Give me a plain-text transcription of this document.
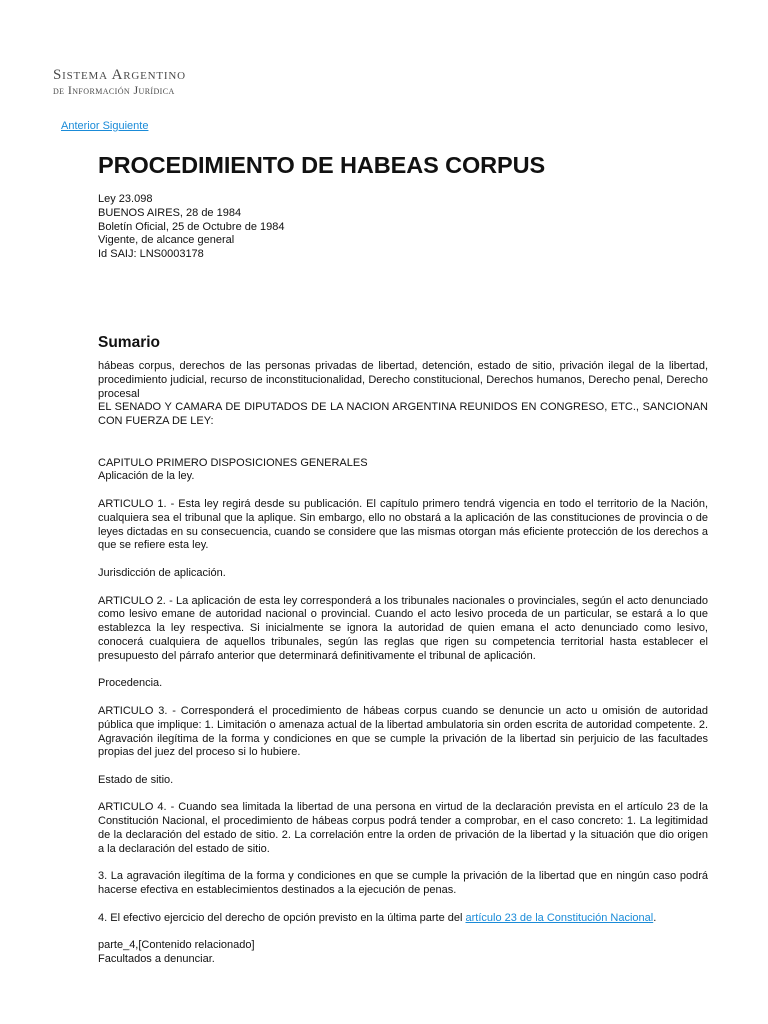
Sistema Argentino
de Información Jurídica
Anterior Siguiente
PROCEDIMIENTO DE HABEAS CORPUS
Ley 23.098
BUENOS AIRES, 28 de 1984
Boletín Oficial, 25 de Octubre de 1984
Vigente, de alcance general
Id SAIJ: LNS0003178
Sumario

hábeas corpus, derechos de las personas privadas de libertad, detención, estado de sitio, privación ilegal de la libertad, procedimiento judicial, recurso de inconstitucionalidad, Derecho constitucional, Derechos humanos, Derecho penal, Derecho procesal

EL SENADO Y CAMARA DE DIPUTADOS DE LA NACION ARGENTINA REUNIDOS EN CONGRESO, ETC., SANCIONAN CON FUERZA DE LEY:

CAPITULO PRIMERO DISPOSICIONES GENERALES

Aplicación de la ley.

ARTICULO 1. - Esta ley regirá desde su publicación. El capítulo primero tendrá vigencia en todo el territorio de la Nación, cualquiera sea el tribunal que la aplique. Sin embargo, ello no obstará a la aplicación de las constituciones de provincia o de leyes dictadas en su consecuencia, cuando se considere que las mismas otorgan más eficiente protección de los derechos a que se refiere esta ley.

Jurisdicción de aplicación.

ARTICULO 2. - La aplicación de esta ley corresponderá a los tribunales nacionales o provinciales, según el acto denunciado como lesivo emane de autoridad nacional o provincial. Cuando el acto lesivo proceda de un particular, se estará a lo que establezca la ley respectiva. Si inicialmente se ignora la autoridad de quien emana el acto denunciado como lesivo, conocerá cualquiera de aquellos tribunales, según las reglas que rigen su competencia territorial hasta establecer el presupuesto del párrafo anterior que determinará definitivamente el tribunal de aplicación.

Procedencia.

ARTICULO 3. - Corresponderá el procedimiento de hábeas corpus cuando se denuncie un acto u omisión de autoridad pública que implique: 1. Limitación o amenaza actual de la libertad ambulatoria sin orden escrita de autoridad competente. 2. Agravación ilegítima de la forma y condiciones en que se cumple la privación de la libertad sin perjuicio de las facultades propias del juez del proceso si lo hubiere.

Estado de sitio.

ARTICULO 4. - Cuando sea limitada la libertad de una persona en virtud de la declaración prevista en el artículo 23 de la Constitución Nacional, el procedimiento de hábeas corpus podrá tender a comprobar, en el caso concreto: 1. La legitimidad de la declaración del estado de sitio. 2. La correlación entre la orden de privación de la libertad y la situación que dio origen a la declaración del estado de sitio.

3. La agravación ilegítima de la forma y condiciones en que se cumple la privación de la libertad que en ningún caso podrá hacerse efectiva en establecimientos destinados a la ejecución de penas.

4. El efectivo ejercicio del derecho de opción previsto en la última parte del artículo 23 de la Constitución Nacional.

parte_4,[Contenido relacionado]

Facultados a denunciar.
